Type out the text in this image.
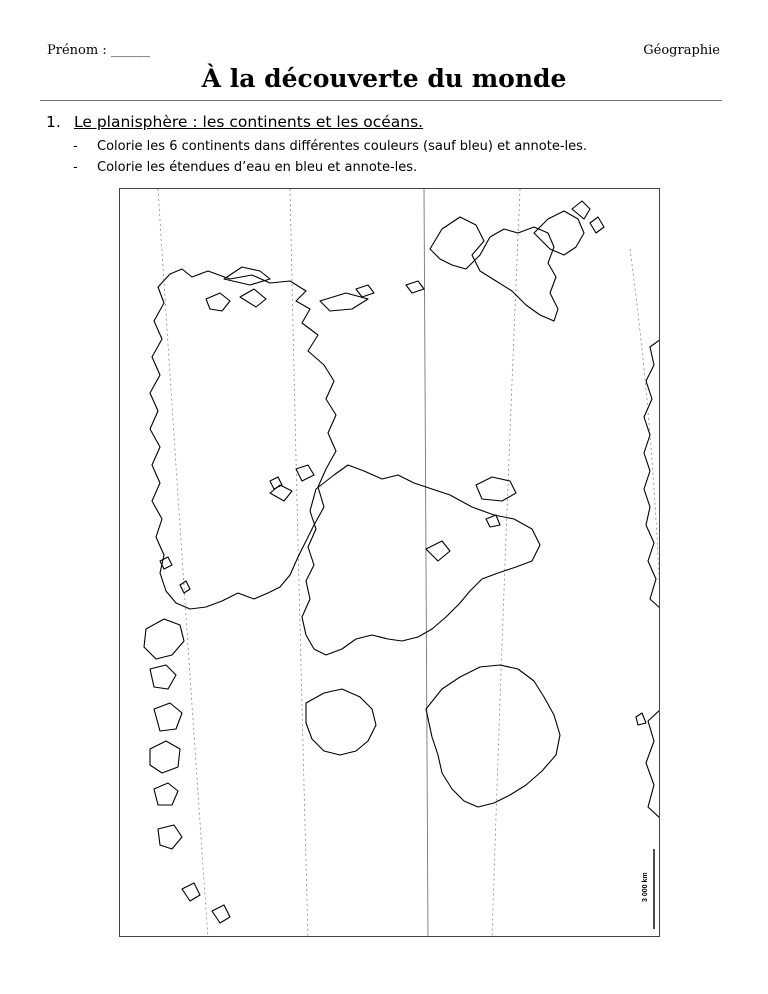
Prénom : ______	Géographie
À la découverte du monde
1. Le planisphère : les continents et les océans.
- Colorie les 6 continents dans différentes couleurs (sauf bleu) et annote-les.
- Colorie les étendues d’eau en bleu et annote-les.
3 000 km
